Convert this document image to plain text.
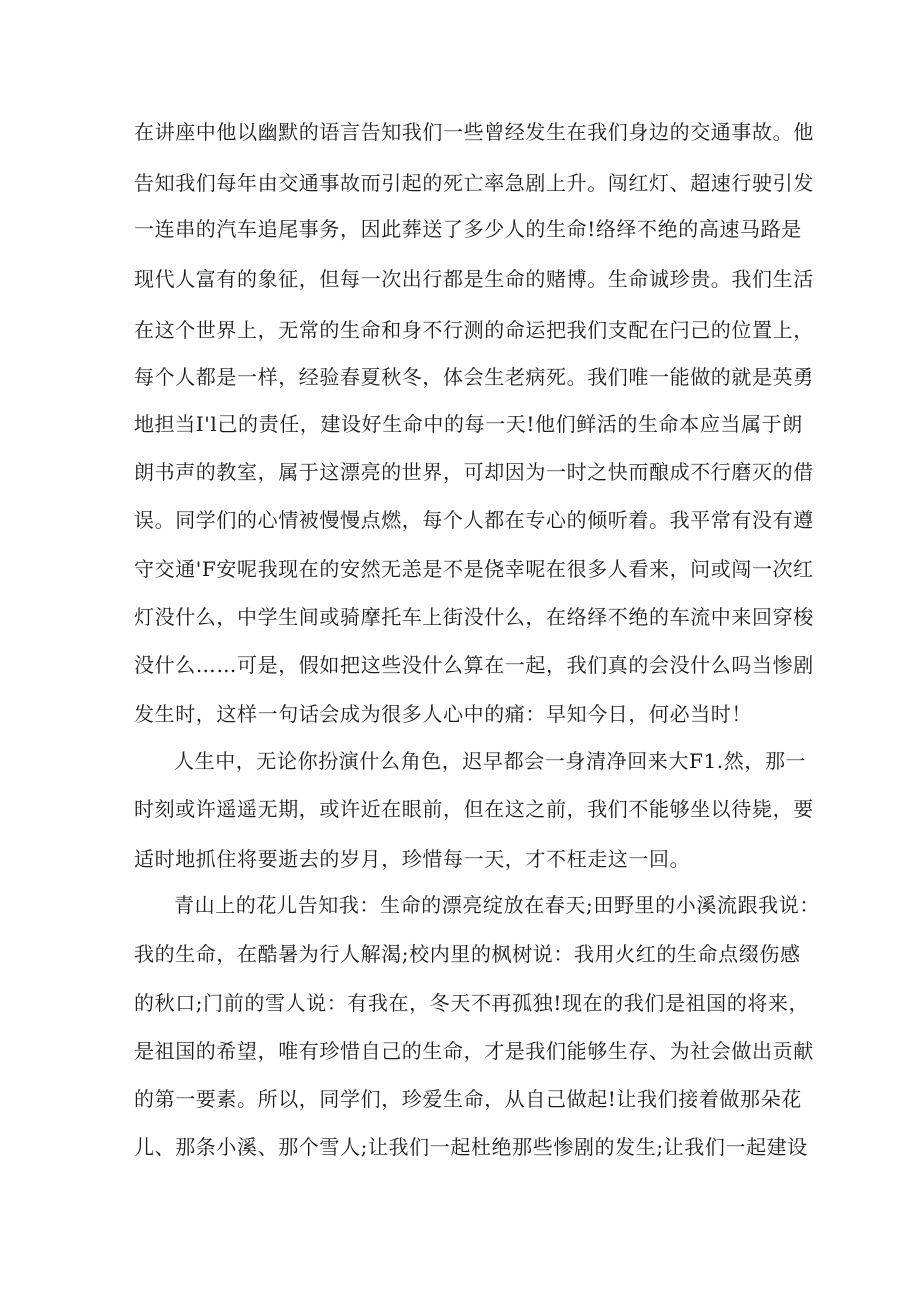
在讲座中他以幽默的语言告知我们一些曾经发生在我们身边的交通事故。他
告知我们每年由交通事故而引起的死亡率急剧上升。闯红灯、超速行驶引发
一连串的汽车追尾事务，因此葬送了多少人的生命!络绎不绝的高速马路是
现代人富有的象征，但每一次出行都是生命的赌博。生命诚珍贵。我们生活
在这个世界上，无常的生命和身不行测的命运把我们支配在闩己的位置上，
每个人都是一样，经验春夏秋冬，体会生老病死。我们唯一能做的就是英勇
地担当I'l己的责任，建设好生命中的每一天!他们鲜活的生命本应当属于朗
朗书声的教室，属于这漂亮的世界，可却因为一时之快而酿成不行磨灭的借
误。同学们的心情被慢慢点燃，每个人都在专心的倾听着。我平常有没有遵
守交通'F安呢我现在的安然无恙是不是侥幸呢在很多人看来，问或闯一次红
灯没什么，中学生间或骑摩托车上街没什么，在络绎不绝的车流中来回穿梭
没什么……可是，假如把这些没什么算在一起，我们真的会没什么吗当惨剧
发生时，这样一句话会成为很多人心中的痛：早知今日，何必当时！
人生中，无论你扮演什么角色，迟早都会一身清净回来大F1.然，那一
时刻或许遥遥无期，或许近在眼前，但在这之前，我们不能够坐以待毙，要
适时地抓住将要逝去的岁月，珍惜每一天，才不枉走这一回。
青山上的花儿告知我：生命的漂亮绽放在春天;田野里的小溪流跟我说：
我的生命，在酷暑为行人解渴;校内里的枫树说：我用火红的生命点缀伤感
的秋口;门前的雪人说：有我在，冬天不再孤独!现在的我们是祖国的将来，
是祖国的希望，唯有珍惜自己的生命，才是我们能够生存、为社会做出贡献
的第一要素。所以，同学们，珍爱生命，从自己做起!让我们接着做那朵花
儿、那条小溪、那个雪人;让我们一起杜绝那些惨剧的发生;让我们一起建设
